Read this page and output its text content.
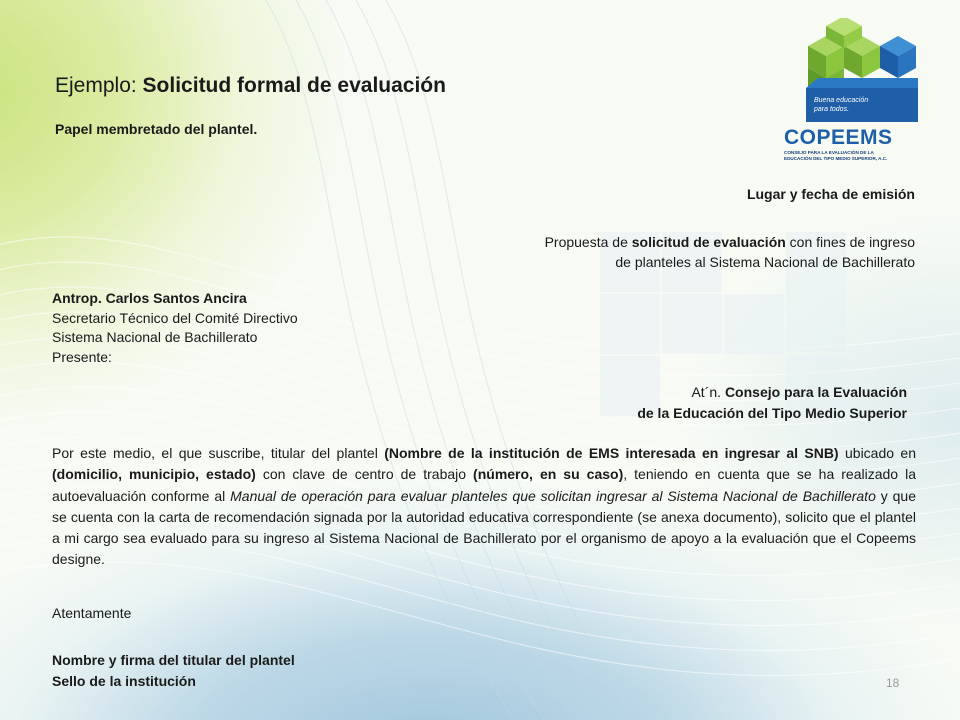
Ejemplo: Solicitud formal de evaluación
Papel membretado del plantel.
Buena educación
para todos.
COPEEMS
CONSEJO PARA LA EVALUACIÓN DE LA
EDUCACIÓN DEL TIPO MEDIO SUPERIOR, A.C.
Lugar y fecha de emisión
Propuesta de solicitud de evaluación con fines de ingreso
de planteles al Sistema Nacional de Bachillerato
Antrop. Carlos Santos Ancira
Secretario Técnico del Comité Directivo
Sistema Nacional de Bachillerato
Presente:
At´n. Consejo para la Evaluación
de la Educación del Tipo Medio Superior
Por este medio, el que suscribe, titular del plantel (Nombre de la institución de EMS interesada en ingresar al SNB) ubicado en (domicilio, municipio, estado) con clave de centro de trabajo (número, en su caso), teniendo en cuenta que se ha realizado la autoevaluación conforme al Manual de operación para evaluar planteles que solicitan ingresar al Sistema Nacional de Bachillerato y que se cuenta con la carta de recomendación signada por la autoridad educativa correspondiente (se anexa documento), solicito que el plantel a mi cargo sea evaluado para su ingreso al Sistema Nacional de Bachillerato por el organismo de apoyo a la evaluación que el Copeems designe.
Atentamente
Nombre y firma del titular del plantel
Sello de la institución	18
